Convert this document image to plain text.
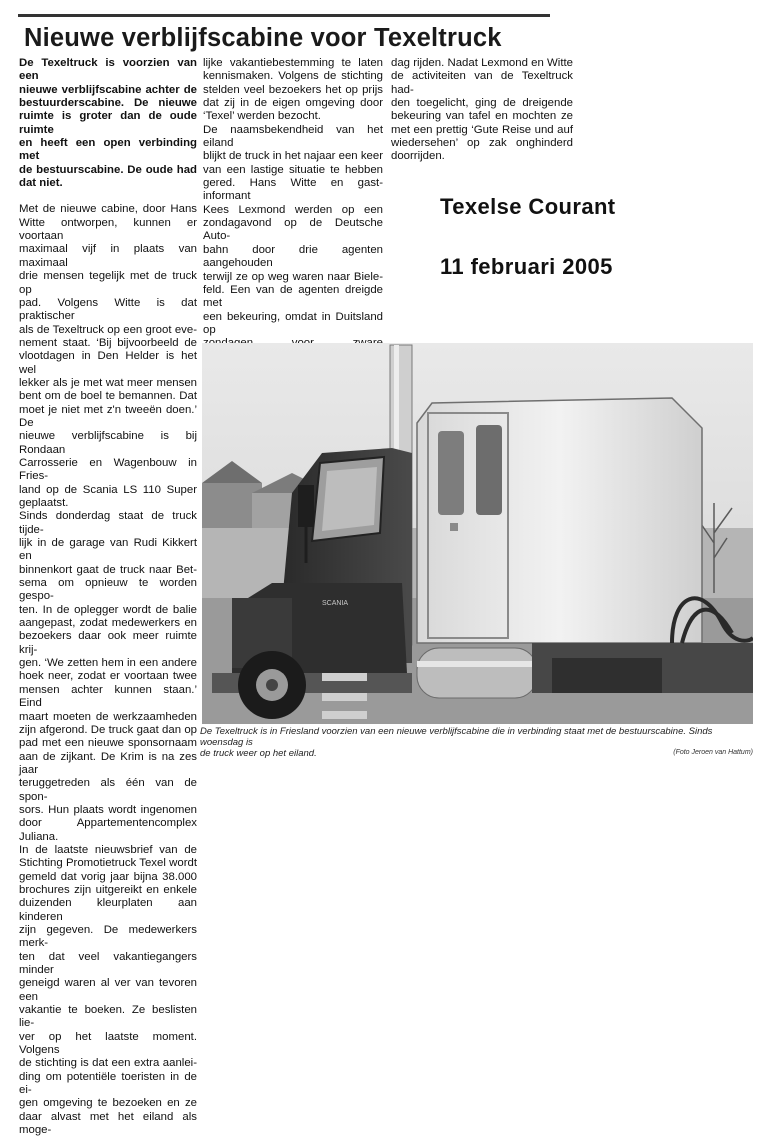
Nieuwe verblijfscabine voor Texeltruck
De Texeltruck is voorzien van een
nieuwe verblijfscabine achter de
bestuurderscabine. De nieuwe
ruimte is groter dan de oude ruimte
en heeft een open verbinding met
de bestuurscabine. De oude had
dat niet.
Met de nieuwe cabine, door Hans
Witte ontworpen, kunnen er voortaan
maximaal vijf in plaats van maximaal
drie mensen tegelijk met de truck op
pad. Volgens Witte is dat praktischer
als de Texeltruck op een groot eve-
nement staat. ‘Bij bijvoorbeeld de
vlootdagen in Den Helder is het wel
lekker als je met wat meer mensen
bent om de boel te bemannen. Dat
moet je niet met z'n tweeën doen.’ De
nieuwe verblijfscabine is bij Rondaan
Carrosserie en Wagenbouw in Fries-
land op de Scania LS 110 Super
geplaatst.
Sinds donderdag staat de truck tijde-
lijk in de garage van Rudi Kikkert en
binnenkort gaat de truck naar Bet-
sema om opnieuw te worden gespo-
ten. In de oplegger wordt de balie
aangepast, zodat medewerkers en
bezoekers daar ook meer ruimte krij-
gen. ‘We zetten hem in een andere
hoek neer, zodat er voortaan twee
mensen achter kunnen staan.’ Eind
maart moeten de werkzaamheden
zijn afgerond. De truck gaat dan op
pad met een nieuwe sponsornaam
aan de zijkant. De Krim is na zes jaar
teruggetreden als één van de spon-
sors. Hun plaats wordt ingenomen
door Appartementencomplex Juliana.
In de laatste nieuwsbrief van de
Stichting Promotietruck Texel wordt
gemeld dat vorig jaar bijna 38.000
brochures zijn uitgereikt en enkele
duizenden kleurplaten aan kinderen
zijn gegeven. De medewerkers merk-
ten dat veel vakantiegangers minder
geneigd waren al ver van tevoren een
vakantie te boeken. Ze beslisten lie-
ver op het laatste moment. Volgens
de stichting is dat een extra aanlei-
ding om potentiële toeristen in de ei-
gen omgeving te bezoeken en ze
daar alvast met het eiland als moge-
lijke vakantiebestemming te laten
kennismaken. Volgens de stichting
stelden veel bezoekers het op prijs
dat zij in de eigen omgeving door
‘Texel’ werden bezocht.
De naamsbekendheid van het eiland
blijkt de truck in het najaar een keer
van een lastige situatie te hebben
gered. Hans Witte en gast-informant
Kees Lexmond werden op een
zondagavond op de Deutsche Auto-
bahn door drie agenten aangehouden
terwijl ze op weg waren naar Biele-
feld. Een van de agenten dreigde met
een bekeuring, omdat in Duitsland op
dag rijden. Nadat Lexmond en Witte
de activiteiten van de Texeltruck had-
den toegelicht, ging de dreigende
bekeuring van tafel en mochten ze
met een prettig ‘Gute Reise und auf
wiedersehen’ op zak onghinderd
doorrijden.
Texelse Courant
11 februari 2005
SCANIA
De Texeltruck is in Friesland voorzien van een nieuwe verblijfscabine die in verbinding staat met de bestuurscabine. Sinds woensdag is
de truck weer op het eiland.	(Foto Jeroen van Hattum)
